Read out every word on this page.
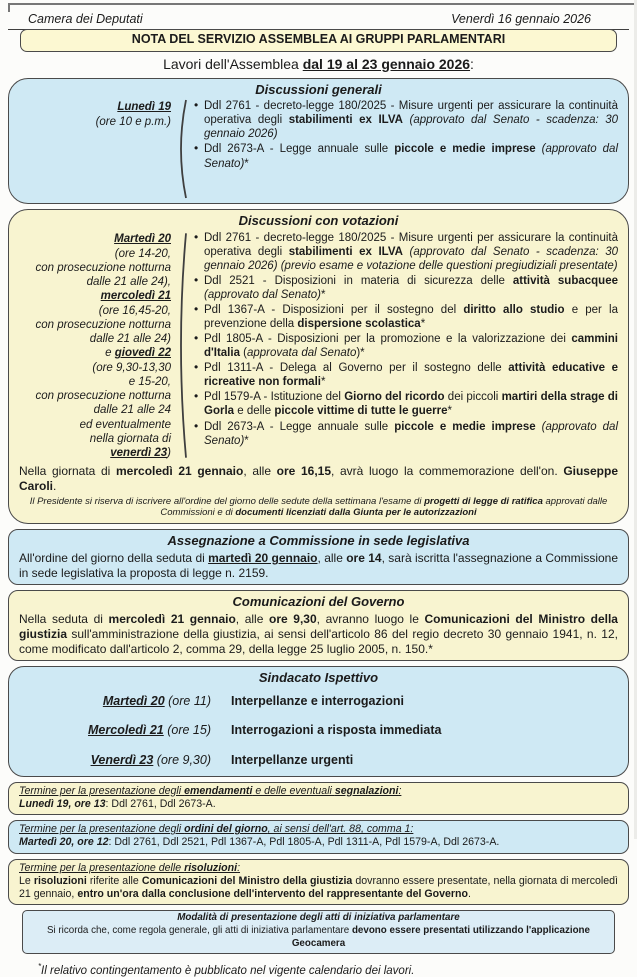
Camera dei Deputati	Venerdì 16 gennaio 2026
NOTA DEL SERVIZIO ASSEMBLEA AI GRUPPI PARLAMENTARI
Lavori dell'Assemblea dal 19 al 23 gennaio 2026:
Discussioni generali
Lunedì 19
(ore 10 e p.m.)
• Ddl 2761 - decreto-legge 180/2025 - Misure urgenti per assicurare la continuità operativa degli stabilimenti ex ILVA (approvato dal Senato - scadenza: 30 gennaio 2026)
• Ddl 2673-A - Legge annuale sulle piccole e medie imprese (approvato dal Senato)*
Discussioni con votazioni
Martedì 20
(ore 14-20,
con prosecuzione notturna
dalle 21 alle 24),
mercoledì 21
(ore 16,45-20,
con prosecuzione notturna
dalle 21 alle 24)
e giovedì 22
(ore 9,30-13,30
e 15-20,
con prosecuzione notturna
dalle 21 alle 24
ed eventualmente
nella giornata di
venerdì 23)
• Ddl 2761 - decreto-legge 180/2025 - Misure urgenti per assicurare la continuità operativa degli stabilimenti ex ILVA (approvato dal Senato - scadenza: 30 gennaio 2026) (previo esame e votazione delle questioni pregiudiziali presentate)
• Ddl 2521 - Disposizioni in materia di sicurezza delle attività subacquee (approvato dal Senato)*
• Pdl 1367-A - Disposizioni per il sostegno del diritto allo studio e per la prevenzione della dispersione scolastica*
• Pdl 1805-A - Disposizioni per la promozione e la valorizzazione dei cammini d'Italia (approvata dal Senato)*
• Pdl 1311-A - Delega al Governo per il sostegno delle attività educative e ricreative non formali*
• Pdl 1579-A - Istituzione del Giorno del ricordo dei piccoli martiri della strage di Gorla e delle piccole vittime di tutte le guerre*
• Ddl 2673-A - Legge annuale sulle piccole e medie imprese (approvato dal Senato)*
Nella giornata di mercoledì 21 gennaio, alle ore 16,15, avrà luogo la commemorazione dell'on. Giuseppe Caroli.
Il Presidente si riserva di iscrivere all'ordine del giorno delle sedute della settimana l'esame di progetti di legge di ratifica approvati dalle Commissioni e di documenti licenziati dalla Giunta per le autorizzazioni
Assegnazione a Commissione in sede legislativa
All'ordine del giorno della seduta di martedì 20 gennaio, alle ore 14, sarà iscritta l'assegnazione a Commissione in sede legislativa la proposta di legge n. 2159.
Comunicazioni del Governo
Nella seduta di mercoledì 21 gennaio, alle ore 9,30, avranno luogo le Comunicazioni del Ministro della giustizia sull'amministrazione della giustizia, ai sensi dell'articolo 86 del regio decreto 30 gennaio 1941, n. 12, come modificato dall'articolo 2, comma 29, della legge 25 luglio 2005, n. 150.*
Sindacato Ispettivo
Martedì 20 (ore 11) Interpellanze e interrogazioni
Mercoledì 21 (ore 15) Interrogazioni a risposta immediata
Venerdì 23 (ore 9,30) Interpellanze urgenti
Termine per la presentazione degli emendamenti e delle eventuali segnalazioni:
Lunedì 19, ore 13: Ddl 2761, Ddl 2673-A.
Termine per la presentazione degli ordini del giorno, ai sensi dell'art. 88, comma 1:
Martedì 20, ore 12: Ddl 2761, Ddl 2521, Pdl 1367-A, Pdl 1805-A, Pdl 1311-A, Pdl 1579-A, Ddl 2673-A.
Termine per la presentazione delle risoluzioni:
Le risoluzioni riferite alle Comunicazioni del Ministro della giustizia dovranno essere presentate, nella giornata di mercoledì 21 gennaio, entro un'ora dalla conclusione dell'intervento del rappresentante del Governo.
Modalità di presentazione degli atti di iniziativa parlamentare
Si ricorda che, come regola generale, gli atti di iniziativa parlamentare devono essere presentati utilizzando l'applicazione Geocamera
*Il relativo contingentamento è pubblicato nel vigente calendario dei lavori.
